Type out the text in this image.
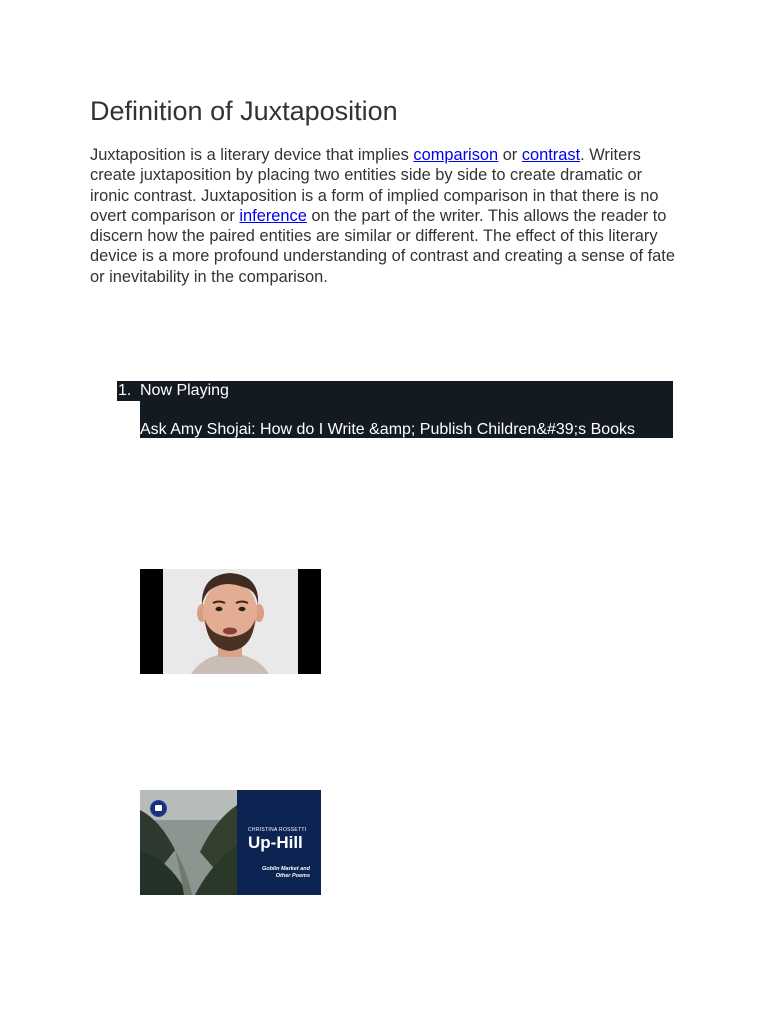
Definition of Juxtaposition

Juxtaposition is a literary device that implies comparison or contrast. Writers create juxtaposition by placing two entities side by side to create dramatic or ironic contrast. Juxtaposition is a form of implied comparison in that there is no overt comparison or inference on the part of the writer. This allows the reader to discern how the paired entities are similar or different. The effect of this literary device is a more profound understanding of contrast and creating a sense of fate or inevitability in the comparison.

1. Now Playing
Ask Amy Shojai: How do I Write &amp; Publish Children&#39;s Books
CHRISTINA ROSSETTI
Up-Hill
Goblin Market and Other Poems
